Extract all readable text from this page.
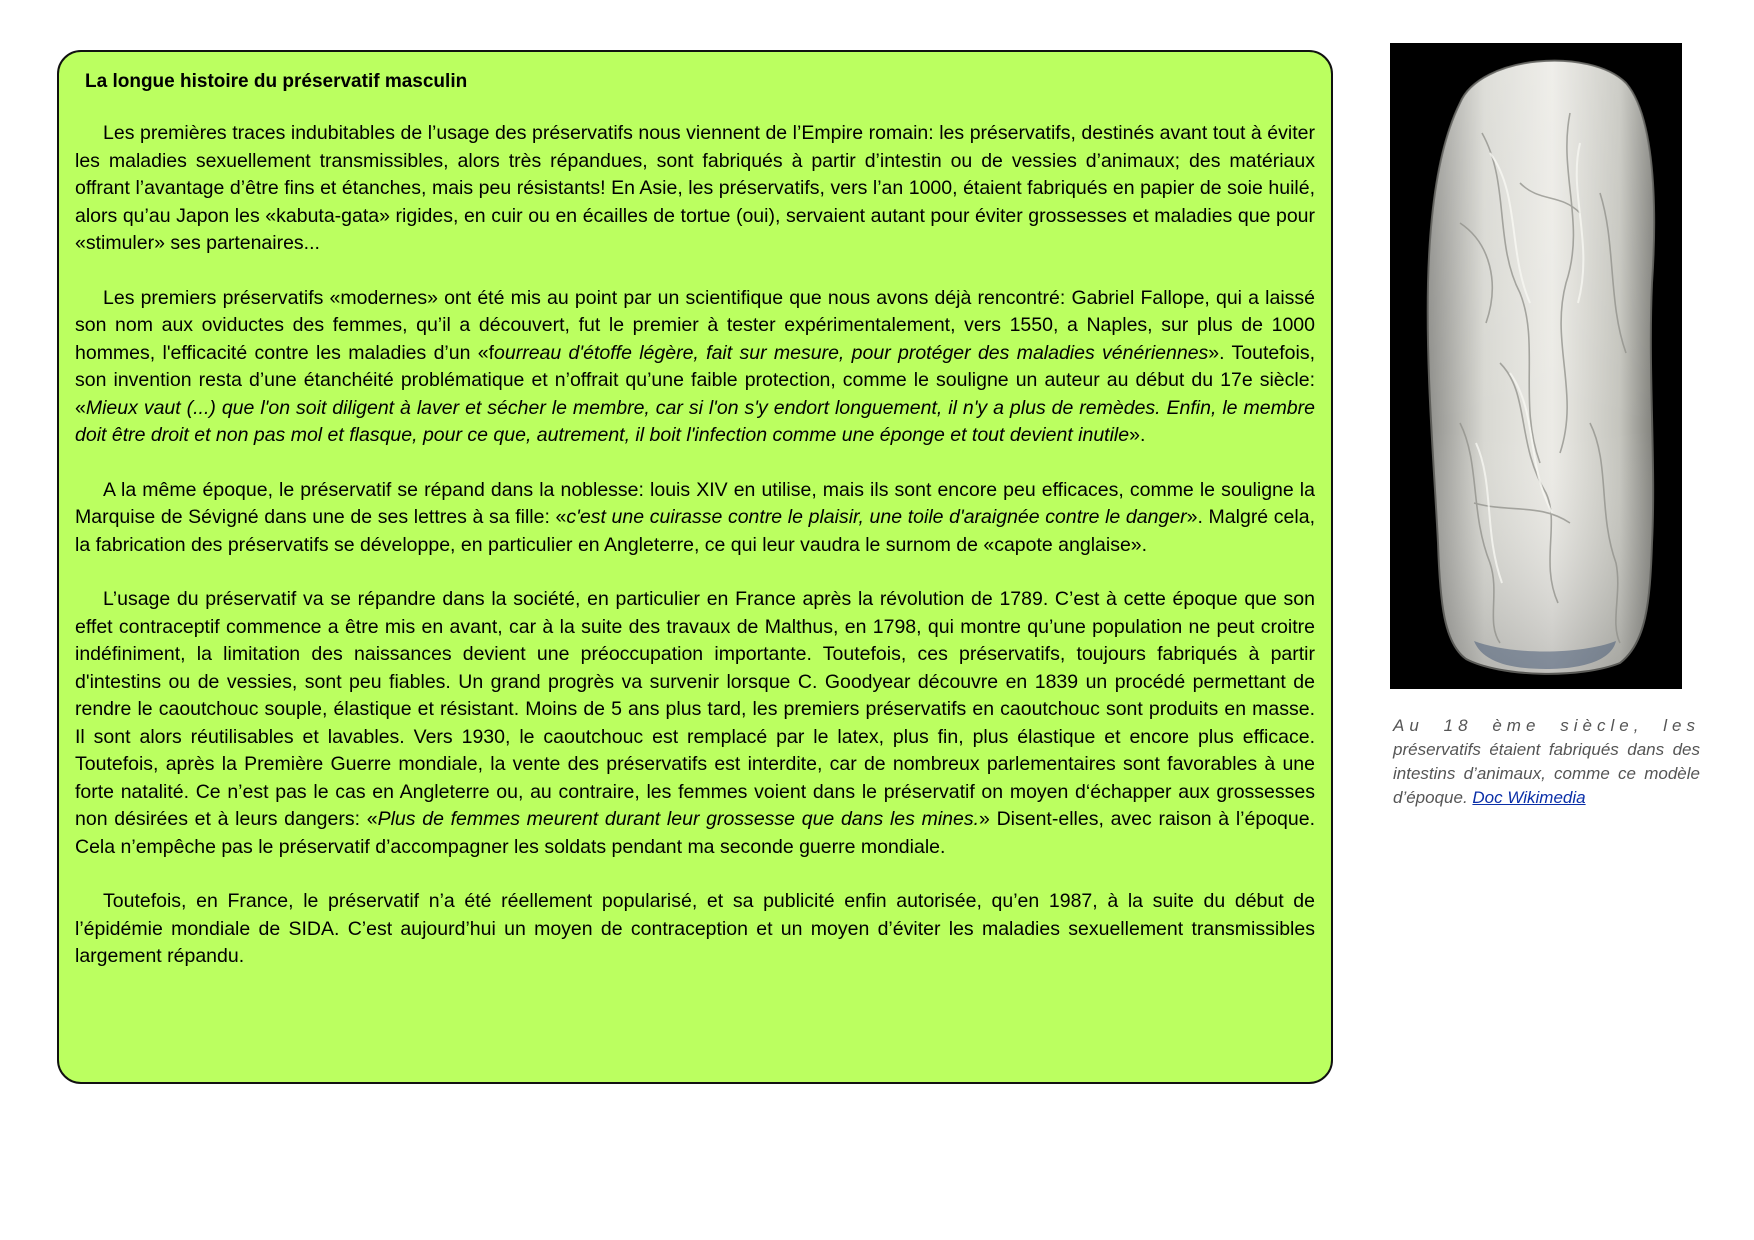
La longue histoire du préservatif masculin

Les premières traces indubitables de l’usage des préservatifs nous viennent de l’Empire romain: les préservatifs, destinés avant tout à éviter les maladies sexuellement transmissibles, alors très répandues, sont fabriqués à partir d’intestin ou de vessies d’animaux; des matériaux offrant l’avantage d’être fins et étanches, mais peu résistants! En Asie, les préservatifs, vers l’an 1000, étaient fabriqués en papier de soie huilé, alors qu’au Japon les «kabuta-gata» rigides, en cuir ou en écailles de tortue (oui), servaient autant pour éviter grossesses et maladies que pour «stimuler» ses partenaires...

Les premiers préservatifs «modernes» ont été mis au point par un scientifique que nous avons déjà rencontré: Gabriel Fallope, qui a laissé son nom aux oviductes des femmes, qu’il a découvert, fut le premier à tester expérimentalement, vers 1550, a Naples, sur plus de 1000 hommes, l'efficacité contre les maladies d’un «fourreau d'étoffe légère, fait sur mesure, pour protéger des maladies vénériennes». Toutefois, son invention resta d’une étanchéité problématique et n’offrait qu’une faible protection, comme le souligne un auteur au début du 17e siècle: «Mieux vaut (...) que l'on soit diligent à laver et sécher le membre, car si l'on s'y endort longuement, il n'y a plus de remèdes. Enfin, le membre doit être droit et non pas mol et flasque, pour ce que, autrement, il boit l'infection comme une éponge et tout devient inutile».

A la même époque, le préservatif se répand dans la noblesse: louis XIV en utilise, mais ils sont encore peu efficaces, comme le souligne la Marquise de Sévigné dans une de ses lettres à sa fille: «c'est une cuirasse contre le plaisir, une toile d'araignée contre le danger». Malgré cela, la fabrication des préservatifs se développe, en particulier en Angleterre, ce qui leur vaudra le surnom de «capote anglaise».

L’usage du préservatif va se répandre dans la société, en particulier en France après la révolution de 1789. C’est à cette époque que son effet contraceptif commence a être mis en avant, car à la suite des travaux de Malthus, en 1798, qui montre qu’une population ne peut croitre indéfiniment, la limitation des naissances devient une préoccupation importante. Toutefois, ces préservatifs, toujours fabriqués à partir d'intestins ou de vessies, sont peu fiables. Un grand progrès va survenir lorsque C. Goodyear découvre en 1839 un procédé permettant de rendre le caoutchouc souple, élastique et résistant. Moins de 5 ans plus tard, les premiers préservatifs en caoutchouc sont produits en masse. Il sont alors réutilisables et lavables. Vers 1930, le caoutchouc est remplacé par le latex, plus fin, plus élastique et encore plus efficace. Toutefois, après la Première Guerre mondiale, la vente des préservatifs est interdite, car de nombreux parlementaires sont favorables à une forte natalité. Ce n’est pas le cas en Angleterre ou, au contraire, les femmes voient dans le préservatif on moyen d‘échapper aux grossesses non désirées et à leurs dangers: «Plus de femmes meurent durant leur grossesse que dans les mines.» Disent-elles, avec raison à l’époque. Cela n’empêche pas le préservatif d’accompagner les soldats pendant ma seconde guerre mondiale.

Toutefois, en France, le préservatif n’a été réellement popularisé, et sa publicité enfin autorisée, qu’en 1987, à la suite du début de l’épidémie mondiale de SIDA. C’est aujourd’hui un moyen de contraception et un moyen d’éviter les maladies sexuellement transmissibles largement répandu.

Au 18 ème siècle, les préservatifs étaient fabriqués dans des intestins d’animaux, comme ce modèle d’époque. Doc Wikimedia
